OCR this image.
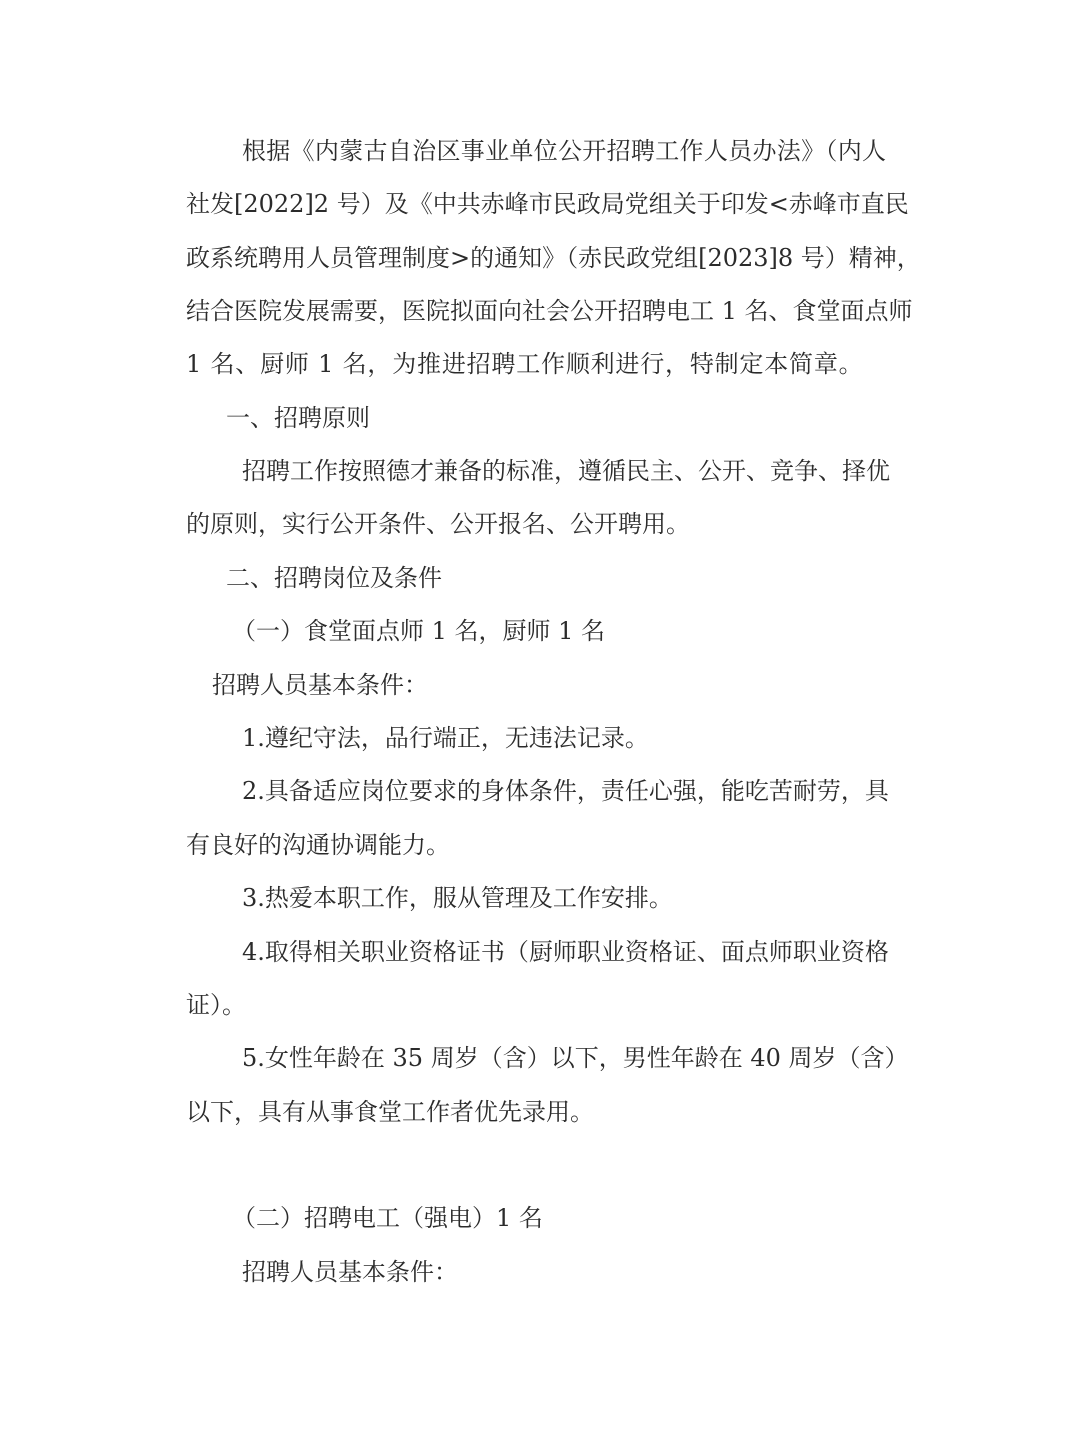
根据《内蒙古自治区事业单位公开招聘工作人员办法》（内人
社发[2022]2 号）及《中共赤峰市民政局党组关于印发<赤峰市直民
政系统聘用人员管理制度>的通知》（赤民政党组[2023]8 号）精神，
结合医院发展需要，医院拟面向社会公开招聘电工 1 名、食堂面点师
1 名、厨师 1 名，为推进招聘工作顺利进行，特制定本简章。
一、招聘原则
招聘工作按照德才兼备的标准，遵循民主、公开、竞争、择优
的原则，实行公开条件、公开报名、公开聘用。
二、招聘岗位及条件
（一）食堂面点师 1 名，厨师 1 名
招聘人员基本条件：
1.遵纪守法，品行端正，无违法记录。
2.具备适应岗位要求的身体条件，责任心强，能吃苦耐劳，具
有良好的沟通协调能力。
3.热爱本职工作，服从管理及工作安排。
4.取得相关职业资格证书（厨师职业资格证、面点师职业资格
证）。
5.女性年龄在 35 周岁（含）以下，男性年龄在 40 周岁（含）
以下，具有从事食堂工作者优先录用。
（二）招聘电工（强电）1 名
招聘人员基本条件：
